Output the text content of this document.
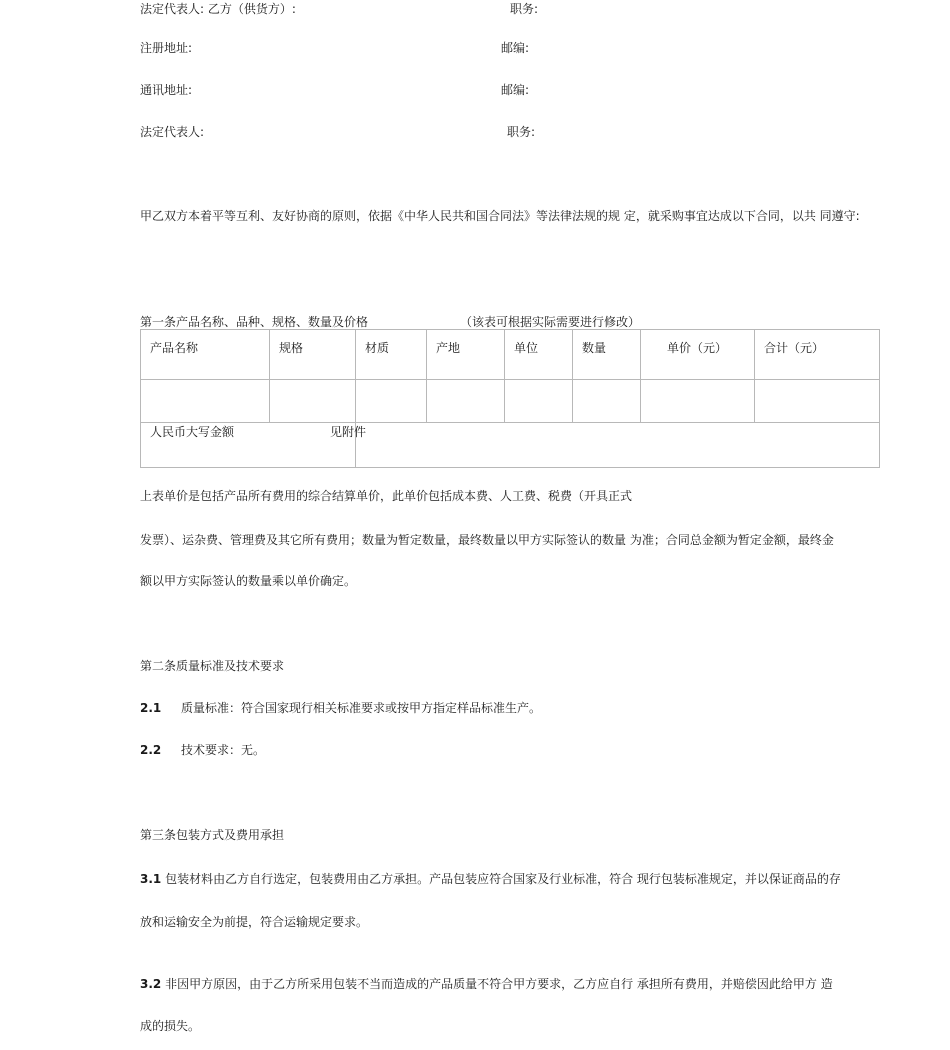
法定代表人: 乙方（供货方）:	职务:
注册地址:	邮编:
通讯地址:	邮编:
法定代表人:	职务:
甲乙双方本着平等互利、友好协商的原则，依据《中华人民共和国合同法》等法律法规的规 定，就采购事宜达成以下合同，以共 同遵守:
第一条产品名称、品种、规格、数量及价格	（该表可根据实际需要进行修改）
产品名称	规格	材质	产地	单位	数量	单价（元）	合计（元）

人民币大写金额 见附件							
上表单价是包括产品所有费用的综合结算单价，此单价包括成本费、人工费、税费（开具正式
发票）、运杂费、管理费及其它所有费用；数量为暂定数量，最终数量以甲方实际签认的数量 为准；合同总金额为暂定金额，最终金
额以甲方实际签认的数量乘以单价确定。
第二条质量标准及技术要求
2.1 质量标准：符合国家现行相关标准要求或按甲方指定样品标准生产。
2.2 技术要求：无。
第三条包装方式及费用承担
3.1 包装材料由乙方自行选定，包装费用由乙方承担。产品包装应符合国家及行业标准，符合 现行包装标准规定，并以保证商品的存
放和运输安全为前提，符合运输规定要求。
3.2 非因甲方原因，由于乙方所采用包装不当而造成的产品质量不符合甲方要求，乙方应自行 承担所有费用，并赔偿因此给甲方 造
成的损失。
